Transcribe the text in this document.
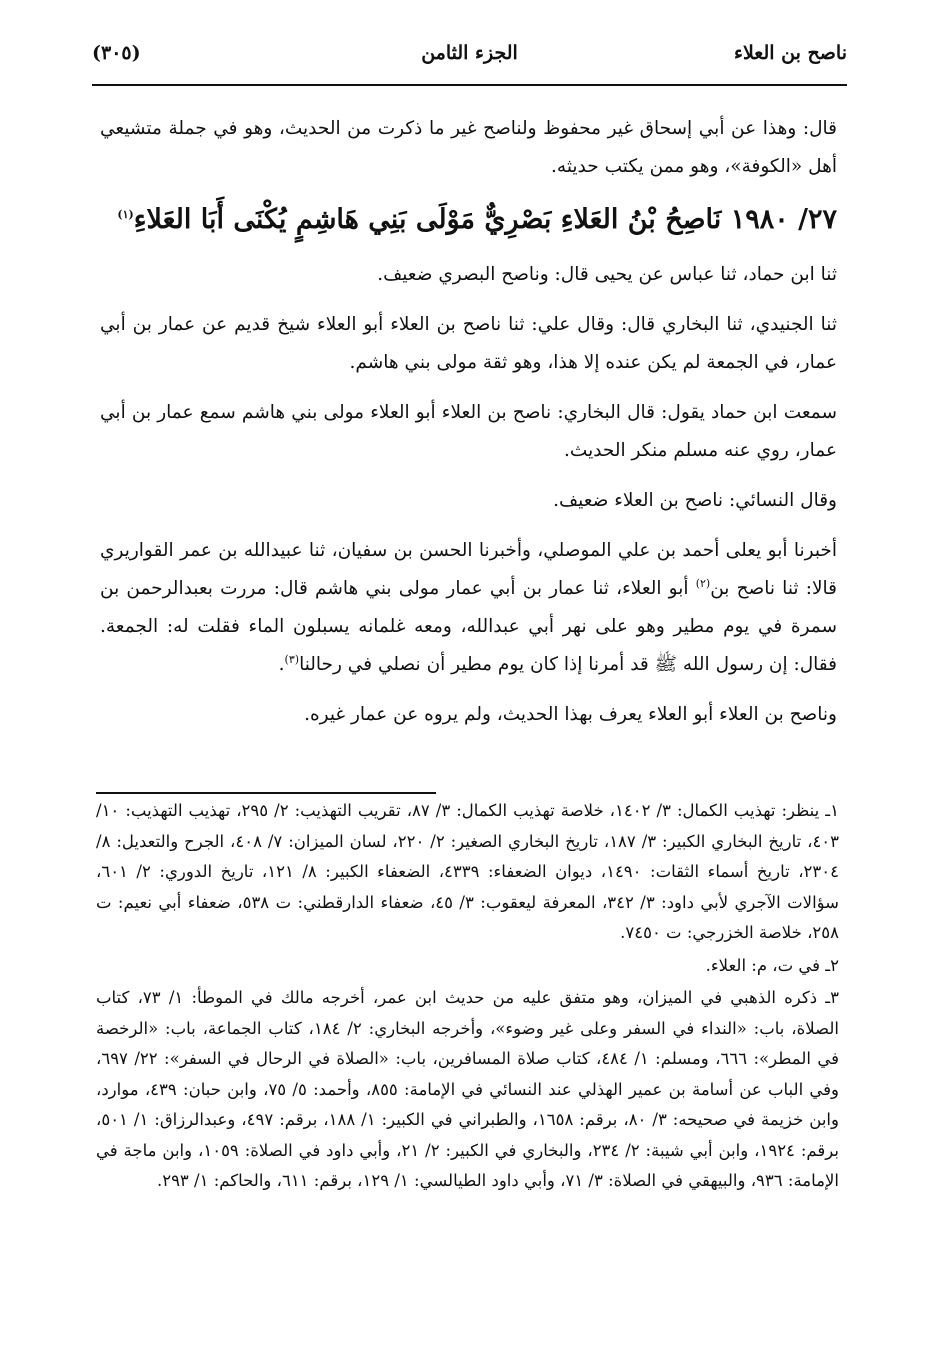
ناصح بن العلاء
الجزء الثامن
(٣٠٥)

قال: وهذا عن أبي إسحاق غير محفوظ ولناصح غير ما ذكرت من الحديث، وهو في جملة متشيعي أهل «الكوفة»، وهو ممن يكتب حديثه.

٢٧/ ١٩٨٠ نَاصِحُ بْنُ العَلاءِ بَصْرِيٌّ مَوْلَى بَنِي هَاشِمٍ يُكْنَى أَبَا العَلاءِ$^{(١)}$

ثنا ابن حماد، ثنا عباس عن يحيى قال: وناصح البصري ضعيف.

ثنا الجنيدي، ثنا البخاري قال: وقال علي: ثنا ناصح بن العلاء أبو العلاء شيخ قديم عن عمار بن أبي عمار، في الجمعة لم يكن عنده إلا هذا، وهو ثقة مولى بني هاشم.

سمعت ابن حماد يقول: قال البخاري: ناصح بن العلاء أبو العلاء مولى بني هاشم سمع عمار بن أبي عمار، روي عنه مسلم منكر الحديث.

وقال النسائي: ناصح بن العلاء ضعيف.

أخبرنا أبو يعلى أحمد بن علي الموصلي، وأخبرنا الحسن بن سفيان، ثنا عبيدالله بن عمر القواريري قالا: ثنا ناصح بن$^{(٢)}$ أبو العلاء، ثنا عمار بن أبي عمار مولى بني هاشم قال: مررت بعبدالرحمن بن سمرة في يوم مطير وهو على نهر أبي عبدالله، ومعه غلمانه يسبلون الماء فقلت له: الجمعة. فقال: إن رسول الله ﷺ قد أمرنا إذا كان يوم مطير أن نصلي في رحالنا$^{(٣)}$.

وناصح بن العلاء أبو العلاء يعرف بهذا الحديث، ولم يروه عن عمار غيره.

١ـ ينظر: تهذيب الكمال: ٣/ ١٤٠٢، خلاصة تهذيب الكمال: ٣/ ٨٧، تقريب التهذيب: ٢/ ٢٩٥، تهذيب التهذيب: ١٠/ ٤٠٣، تاريخ البخاري الكبير: ٣/ ١٨٧، تاريخ البخاري الصغير: ٢/ ٢٢٠، لسان الميزان: ٧/ ٤٠٨، الجرح والتعديل: ٨/ ٢٣٠٤، تاريخ أسماء الثقات: ١٤٩٠، ديوان الضعفاء: ٤٣٣٩، الضعفاء الكبير: ٨/ ١٢١، تاريخ الدوري: ٢/ ٦٠١، سؤالات الآجري لأبي داود: ٣/ ٣٤٢، المعرفة ليعقوب: ٣/ ٤٥، ضعفاء الدارقطني: ت ٥٣٨، ضعفاء أبي نعيم: ت ٢٥٨، خلاصة الخزرجي: ت ٧٤٥٠.

٢ـ في ت، م: العلاء.

٣ـ ذكره الذهبي في الميزان، وهو متفق عليه من حديث ابن عمر، أخرجه مالك في الموطأ: ١/ ٧٣، كتاب الصلاة، باب: «النداء في السفر وعلى غير وضوء»، وأخرجه البخاري: ٢/ ١٨٤، كتاب الجماعة، باب: «الرخصة في المطر»: ٦٦٦، ومسلم: ١/ ٤٨٤، كتاب صلاة المسافرين، باب: «الصلاة في الرحال في السفر»: ٢٢/ ٦٩٧، وفي الباب عن أسامة بن عمير الهذلي عند النسائي في الإمامة: ٨٥٥، وأحمد: ٥/ ٧٥، وابن حبان: ٤٣٩، موارد، وابن خزيمة في صحيحه: ٣/ ٨٠، برقم: ١٦٥٨، والطبراني في الكبير: ١/ ١٨٨، برقم: ٤٩٧، وعبدالرزاق: ١/ ٥٠١، برقم: ١٩٢٤، وابن أبي شيبة: ٢/ ٢٣٤، والبخاري في الكبير: ٢/ ٢١، وأبي داود في الصلاة: ١٠٥٩، وابن ماجة في الإمامة: ٩٣٦، والبيهقي في الصلاة: ٣/ ٧١، وأبي داود الطيالسي: ١/ ١٢٩، برقم: ٦١١، والحاكم: ١/ ٢٩٣.
